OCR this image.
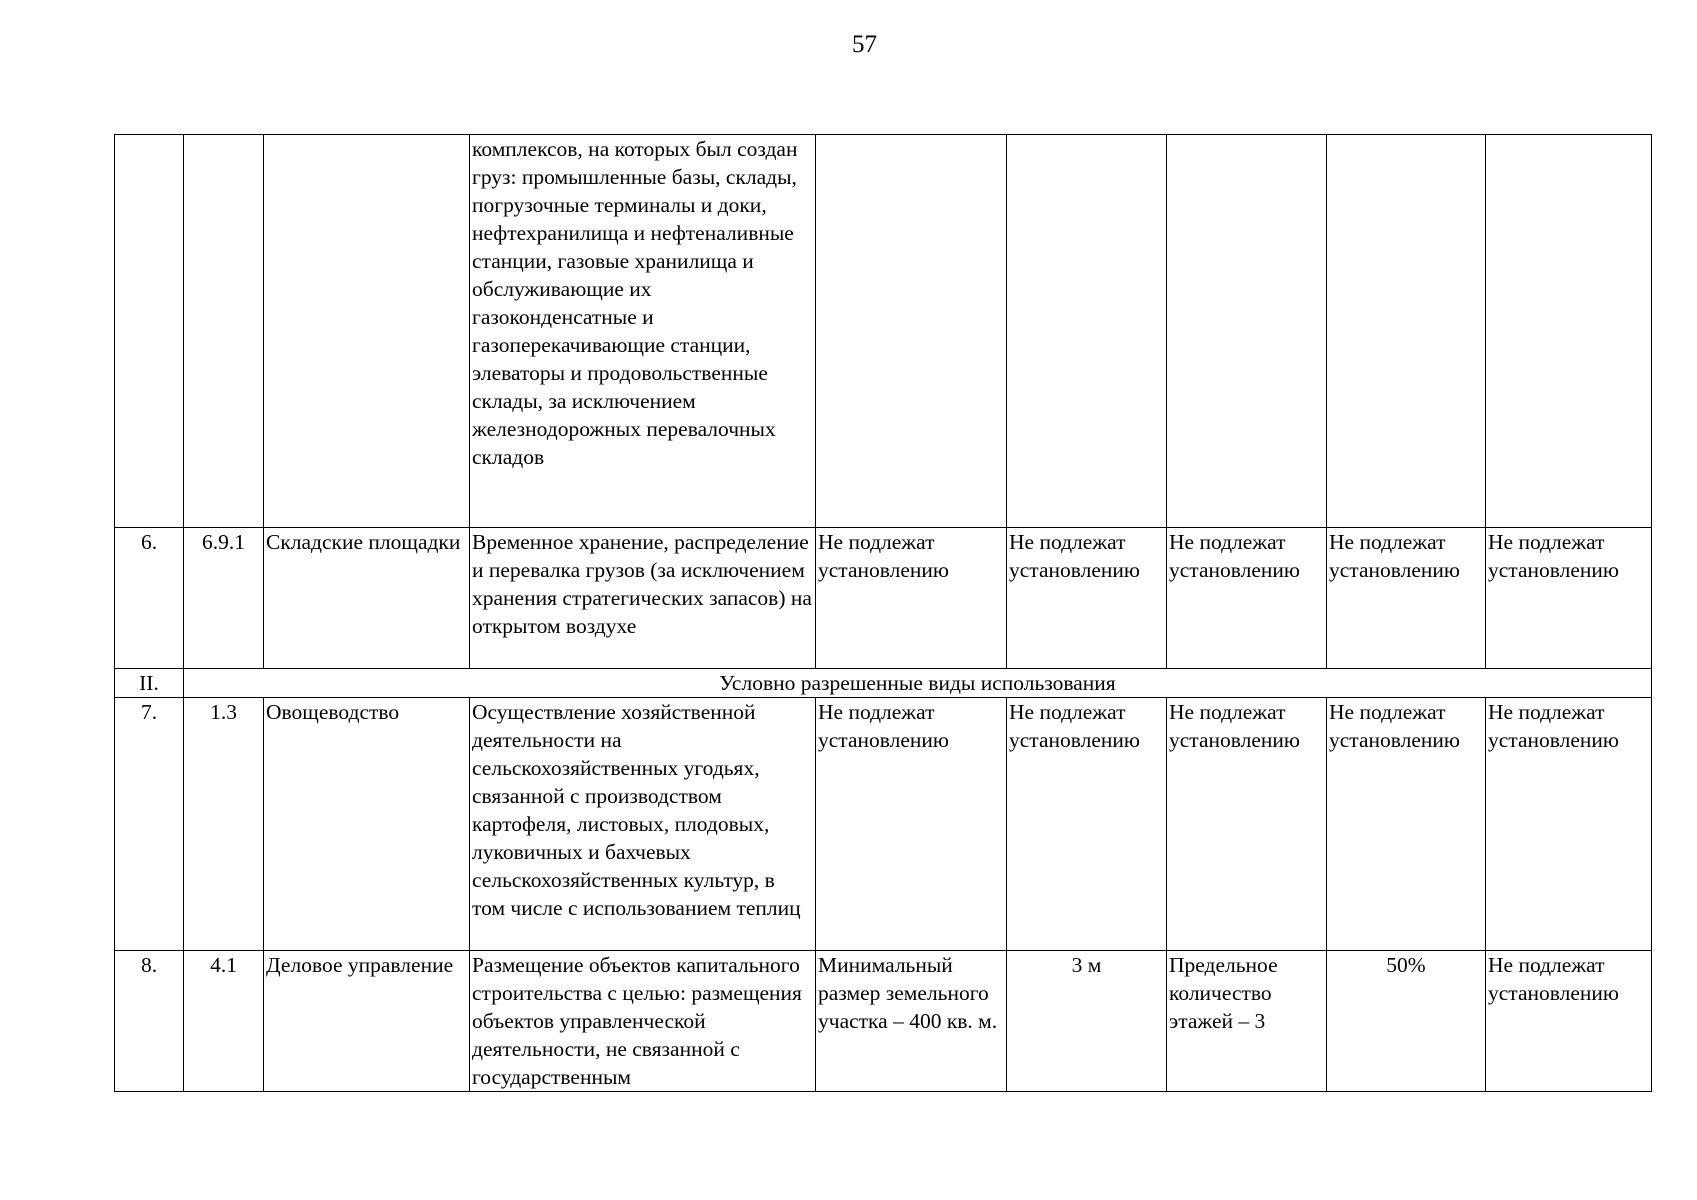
57
			комплексов, на которых был создан груз: промышленные базы, склады, погрузочные терминалы и доки, нефтехранилища и нефтеналивные станции, газовые хранилища и обслуживающие их газоконденсатные и газоперекачивающие станции, элеваторы и продовольственные склады, за исключением железнодорожных перевалочных складов					
6.	6.9.1	Складские площадки	Временное хранение, распределение и перевалка грузов (за исключением хранения стратегических запасов) на открытом воздухе	Не подлежат установлению	Не подлежат установлению	Не подлежат установлению	Не подлежат установлению	Не подлежат установлению
II.	Условно разрешенные виды использования							
7.	1.3	Овощеводство	Осуществление хозяйственной деятельности на сельскохозяйственных угодьях, связанной с производством картофеля, листовых, плодовых, луковичных и бахчевых сельскохозяйственных культур, в том числе с использованием теплиц	Не подлежат установлению	Не подлежат установлению	Не подлежат установлению	Не подлежат установлению	Не подлежат установлению
8.	4.1	Деловое управление	Размещение объектов капитального строительства с целью: размещения объектов управленческой деятельности, не связанной с государственным	Минимальный размер земельного участка – 400 кв. м.	3 м	Предельное количество этажей – 3	50%	Не подлежат установлению
